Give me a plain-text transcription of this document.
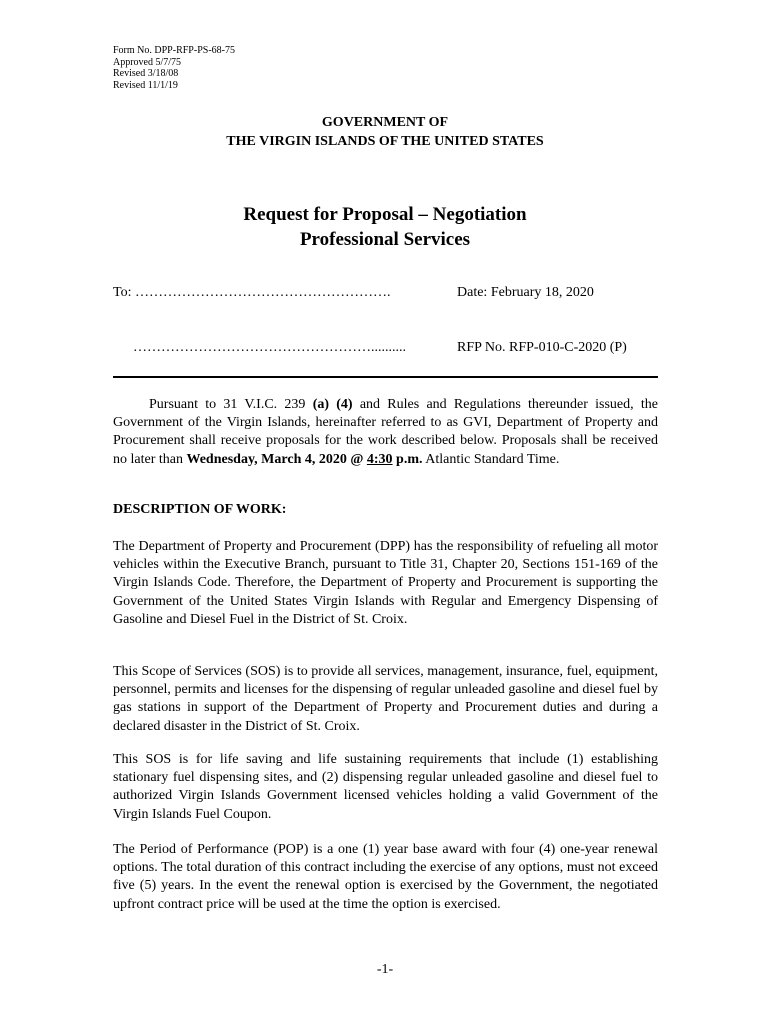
Form No. DPP-RFP-PS-68-75
Approved 5/7/75
Revised 3/18/08
Revised 11/1/19
GOVERNMENT OF
THE VIRGIN ISLANDS OF THE UNITED STATES
Request for Proposal – Negotiation
Professional Services
To: ……………………………………………….	Date: February 18, 2020
……………………………………………..........	RFP No. RFP-010-C-2020 (P)
Pursuant to 31 V.I.C. 239 (a) (4) and Rules and Regulations thereunder issued, the Government of the Virgin Islands, hereinafter referred to as GVI, Department of Property and Procurement shall receive proposals for the work described below. Proposals shall be received no later than Wednesday, March 4, 2020 @ 4:30 p.m. Atlantic Standard Time.
DESCRIPTION OF WORK:
The Department of Property and Procurement (DPP) has the responsibility of refueling all motor vehicles within the Executive Branch, pursuant to Title 31, Chapter 20, Sections 151-169 of the Virgin Islands Code. Therefore, the Department of Property and Procurement is supporting the Government of the United States Virgin Islands with Regular and Emergency Dispensing of Gasoline and Diesel Fuel in the District of St. Croix.
This Scope of Services (SOS) is to provide all services, management, insurance, fuel, equipment, personnel, permits and licenses for the dispensing of regular unleaded gasoline and diesel fuel by gas stations in support of the Department of Property and Procurement duties and during a declared disaster in the District of St. Croix.
This SOS is for life saving and life sustaining requirements that include (1) establishing stationary fuel dispensing sites, and (2) dispensing regular unleaded gasoline and diesel fuel to authorized Virgin Islands Government licensed vehicles holding a valid Government of the Virgin Islands Fuel Coupon.
The Period of Performance (POP) is a one (1) year base award with four (4) one-year renewal options. The total duration of this contract including the exercise of any options, must not exceed five (5) years. In the event the renewal option is exercised by the Government, the negotiated upfront contract price will be used at the time the option is exercised.
-1-
